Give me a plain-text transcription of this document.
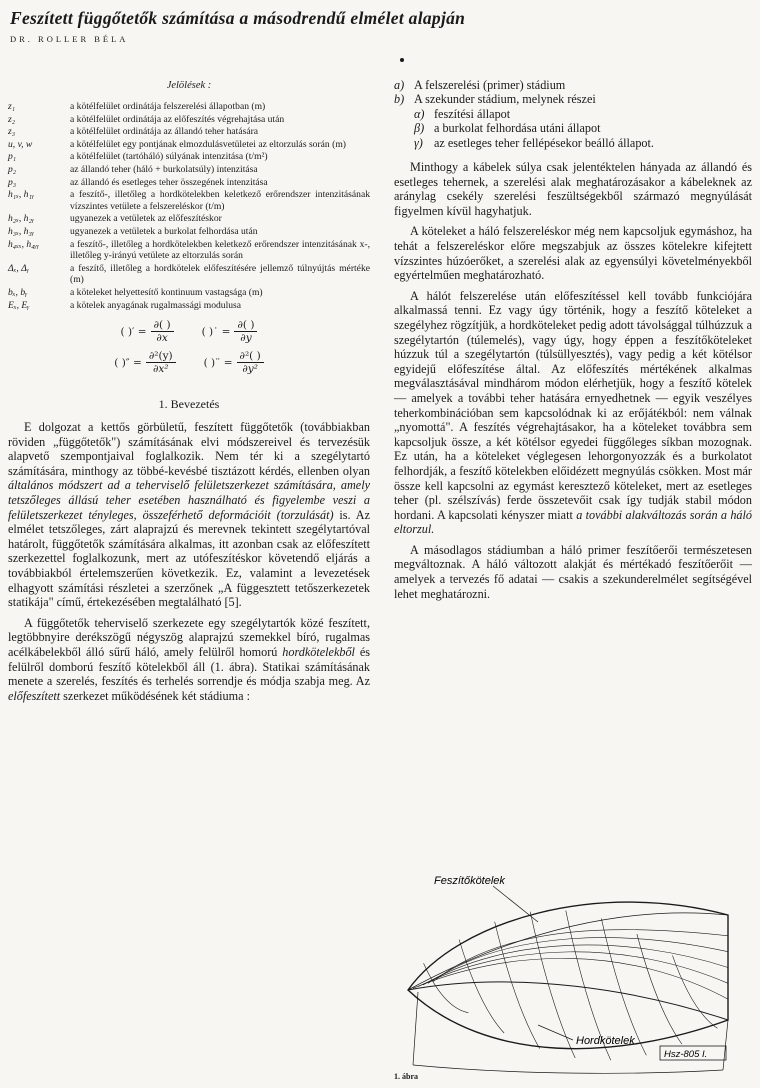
Feszített függőtetők számítása a másodrendű elmélet alapján
DR. ROLLER BÉLA
Jelölések :
z₁	a kötélfelület ordinátája felszerelési állapotban (m)
z₂	a kötélfelület ordinátája az előfeszítés végrehajtása után
z₃	a kötélfelület ordinátája az állandó teher hatására
u, v, w	a kötélfelület egy pontjának elmozdulásvetületei az eltorzulás során (m)
p₁	a kötélfelület (tartóháló) súlyának intenzitása (t/m²)
p₂	az állandó teher (háló + burkolatsúly) intenzitása
p₃	az állandó és esetleges teher összegének intenzitása
h₁ₓ, h₁ᵧ	a feszítő-, illetőleg a hordkötelekben keletkező erőrendszer intenzitásának vízszintes vetülete a felszereléskor (t/m)
h₂ₓ, h₂ᵧ	ugyanezek a vetületek az előfeszítéskor
h₃ₓ, h₃ᵧ	ugyanezek a vetületek a burkolat felhordása után
h₄ₓₓ, h₄ᵧᵧ	a feszítő-, illetőleg a hordkötelekben keletkező erőrendszer intenzitásának x-, illetőleg y-irányú vetülete az eltorzulás során
Δₓ, Δᵧ	a feszítő, illetőleg a hordkötelek előfeszítésére jellemző túlnyújtás mértéke (m)
bₓ, bᵧ	a köteleket helyettesítő kontinuum vastagsága (m)
Eₓ, Eᵧ	a kötelek anyagának rugalmassági modulusa
( )′ = $\frac{\partial( )}{\partial x}$	( )˙ = $\frac{\partial( )}{\partial y}$
( )″ = $\frac{\text{∂²(y)}}{\text{∂x²}}$	( )¨ = $\frac{\text{∂²( )}}{\text{∂y²}}$
1. Bevezetés

E dolgozat a kettős görbületű, feszített függőtetők (továbbiakban röviden „függőtetők") számításának elvi módszereivel és tervezésük alapvető szempontjaival foglalkozik. Nem tér ki a szegélytartó számítására, minthogy az többé-kevésbé tisztázott kérdés, ellenben olyan általános módszert ad a teherviselő felületszerkezet számítására, amely tetszőleges állású teher esetében használható és figyelembe veszi a felületszerkezet tényleges, összeférhető deformációit (torzulását) is. Az elmélet tetszőleges, zárt alaprajzú és merevnek tekintett szegélytartóval határolt, függőtetők számítására alkalmas, itt azonban csak az előfeszített szerkezettel foglalkozunk, mert az utófeszítéskor követendő eljárás a továbbiakból értelemszerűen következik. Ez, valamint a levezetések elhagyott számítási részletei a szerzőnek „A függesztett tetőszerkezetek statikája" című, értekezésében megtalálható [5].

A függőtetők teherviselő szerkezete egy szegélytartók közé feszített, legtöbbnyire derékszögű négyszög alaprajzú szemekkel bíró, rugalmas acélkábelekből álló sűrű háló, amely felülről homorú hordkötelekből és felülről domború feszítő kötelekből áll (1. ábra). Statikai számításának menete a szerelés, feszítés és terhelés sorrendje és módja szabja meg. Az előfeszített szerkezet működésének két stádiuma :

a) A felszerelési (primer) stádium
b) A szekunder stádium, melynek részei
α) feszítési állapot
β) a burkolat felhordása utáni állapot
γ) az esetleges teher fellépésekor beálló állapot.

Minthogy a kábelek súlya csak jelentéktelen hányada az állandó és esetleges tehernek, a szerelési alak meghatározásakor a kábeleknek az aránylag csekély szerelési feszültségekből származó megnyúlását figyelmen kívül hagyhatjuk.

A köteleket a háló felszereléskor még nem kapcsoljuk egymáshoz, ha tehát a felszereléskor előre megszabjuk az összes kötelekre kifejtett vízszintes húzóerőket, a szerelési alak az egyensúlyi követelményekből egyértelműen meghatározható.

A hálót felszerelése után előfeszítéssel kell tovább funkciójára alkalmassá tenni. Ez vagy úgy történik, hogy a feszítő köteleket a szegélyhez rögzítjük, a hordköteleket pedig adott távolsággal túlhúzzuk a szegélytartón (túlemelés), vagy úgy, hogy éppen a feszítőköteleket húzzuk túl a szegélytartón (túlsüllyesztés), vagy pedig a két kötélsor egyidejű előfeszítése által. Az előfeszítés mértékének alkalmas megválasztásával mindhárom módon elérhetjük, hogy a feszítő kötelek — amelyek a további teher hatására ernyedhetnek — egyik veszélyes teherkombinációban sem kapcsolódnak ki az erőjátékból: nem válnak „nyomottá". A feszítés végrehajtásakor, ha a köteleket továbbra sem kapcsoljuk össze, a két kötélsor egyedei függőleges síkban mozognak. Ez után, ha a köteleket véglegesen lehorgonyozzák és a burkolatot felhordják, a feszítő kötelekben előidézett megnyúlás csökken. Most már össze kell kapcsolni az egymást keresztező köteleket, mert az esetleges teher (pl. szélszívás) ferde összetevőit csak így tudják stabil módon hordani. A kapcsolati kényszer miatt a további alakváltozás során a háló eltorzul.

A másodlagos stádiumban a háló primer feszítőerői természetesen megváltoznak. A háló változott alakját és mértékadó feszítőerőit — amelyek a tervezés fő adatai — csakis a szekunderelmélet segítségével lehet meghatározni.

Feszítőkötelek
Hordkötelek
Hsz-805 I.
1. ábra
